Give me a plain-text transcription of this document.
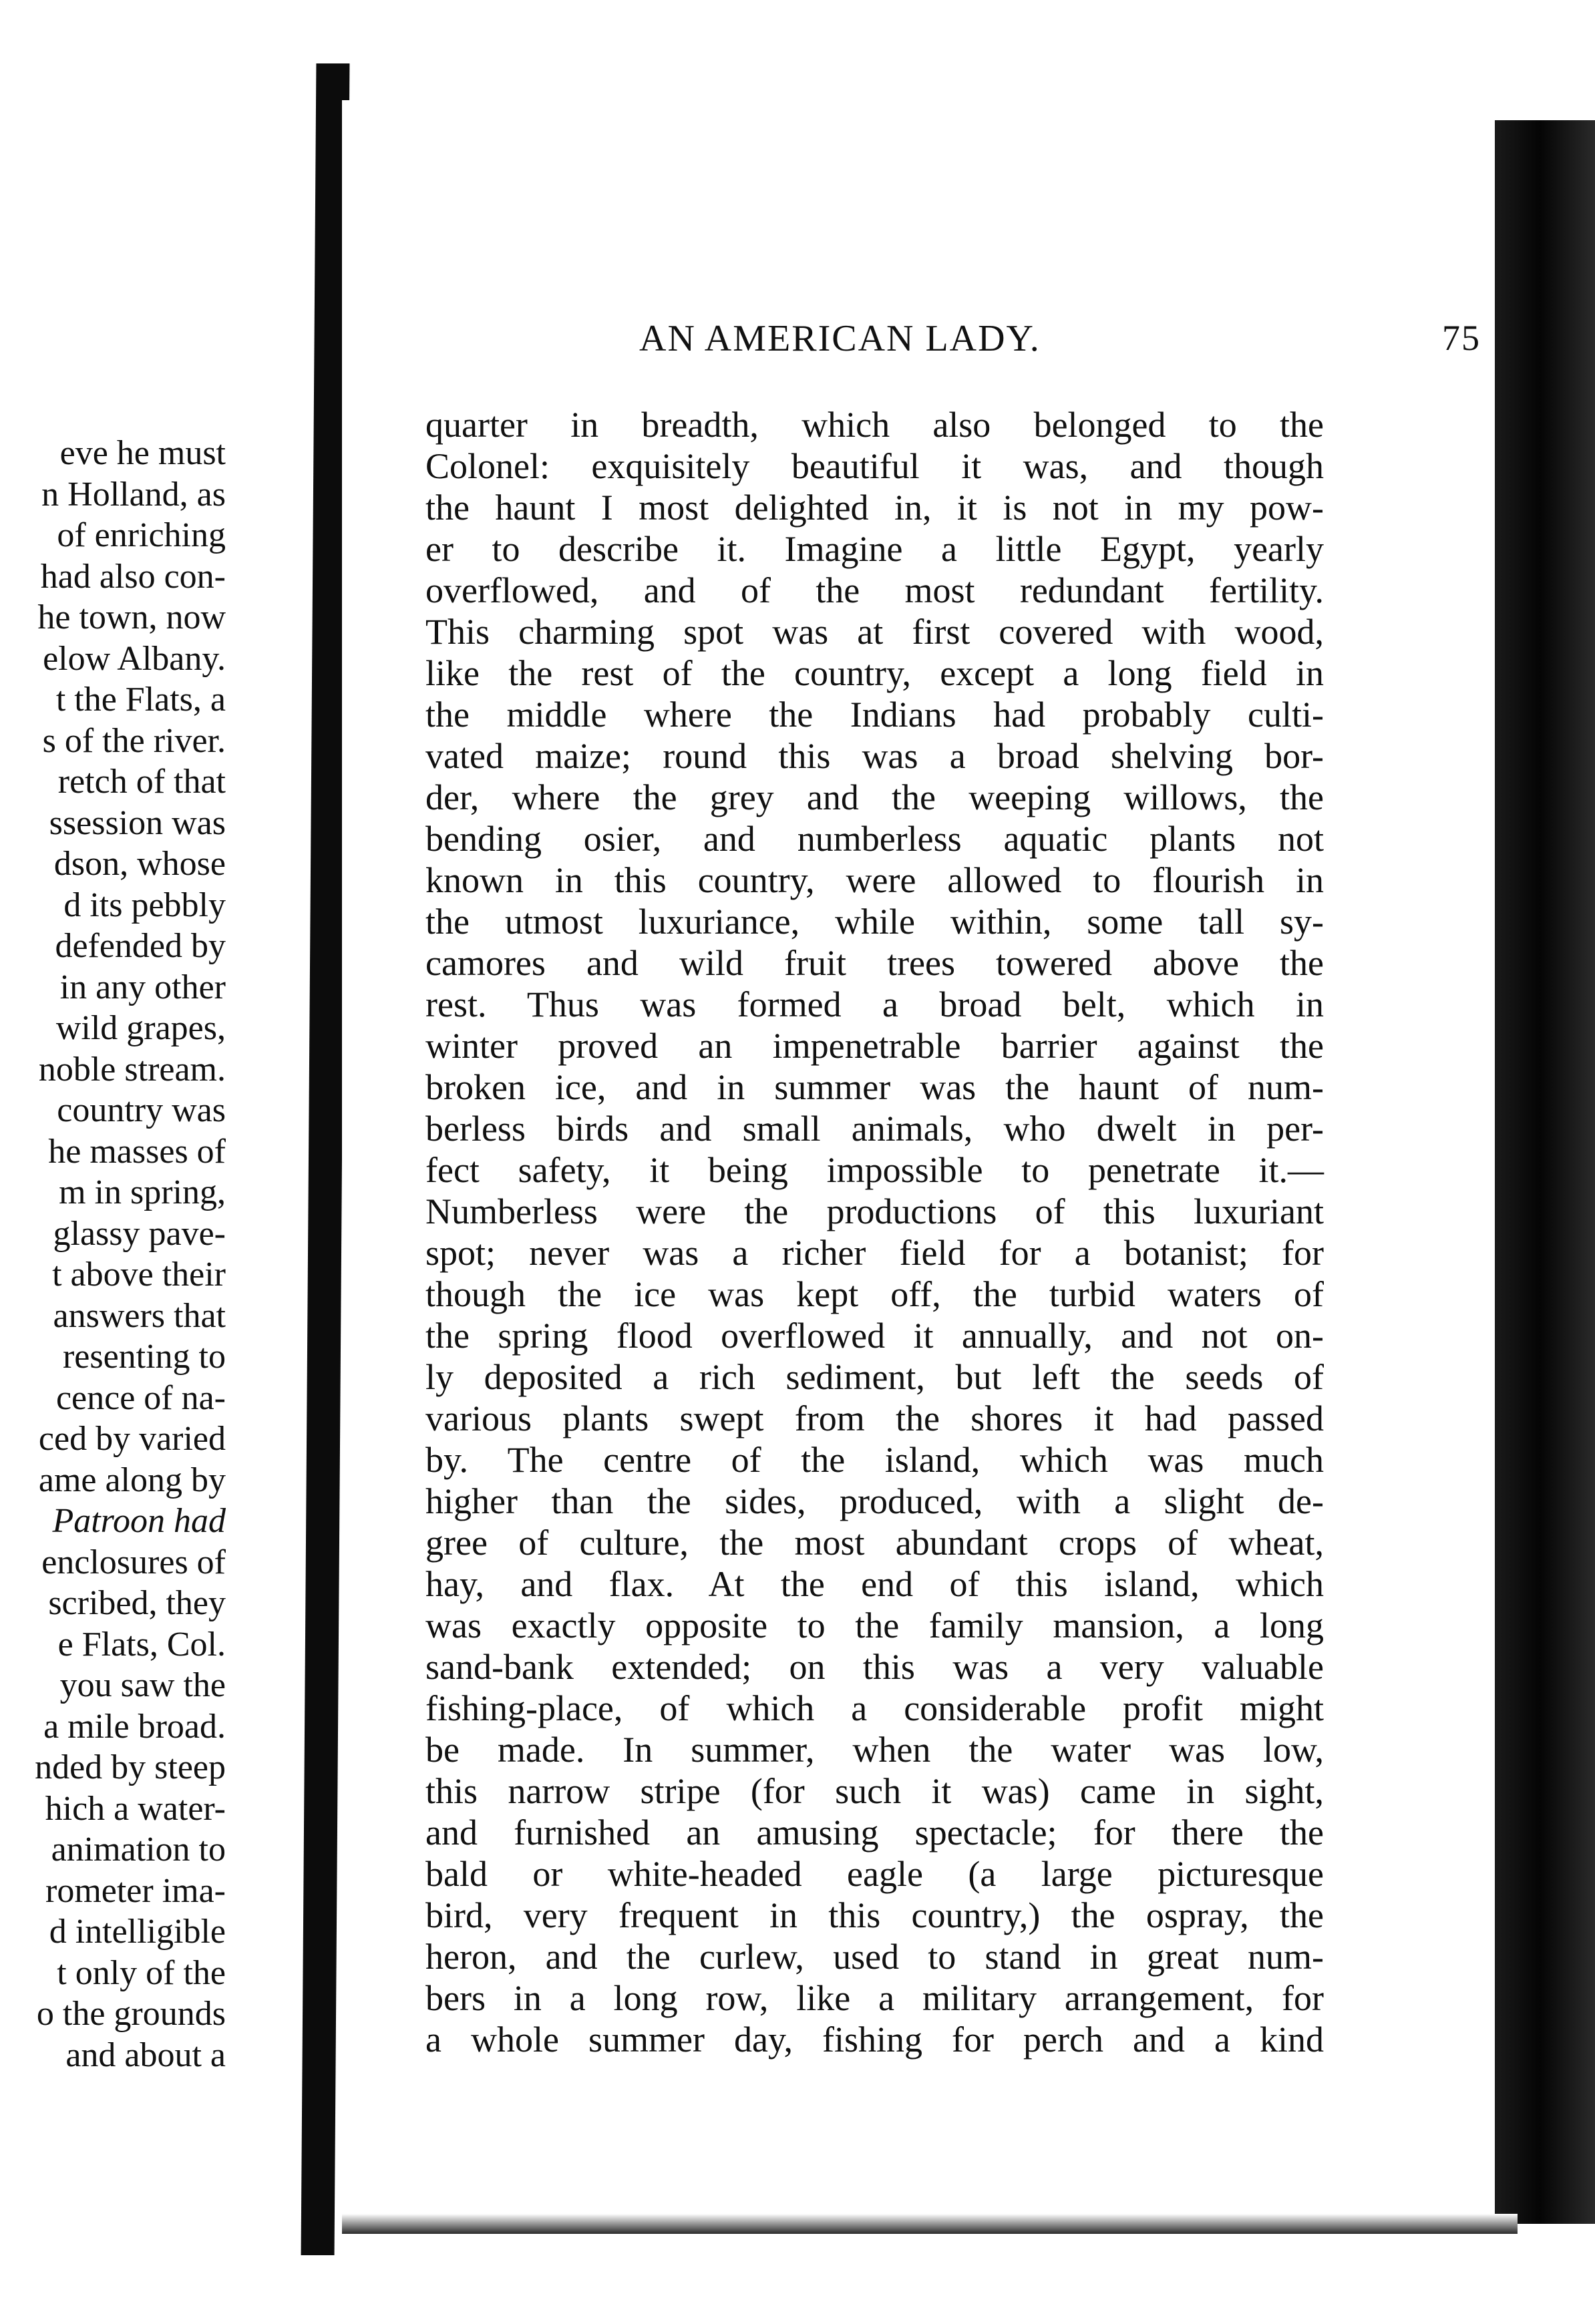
eve he must
n Holland, as
of enriching
had also con-
he town, now
elow Albany.
t the Flats, a
s of the river.
retch of that
ssession was
dson, whose
d its pebbly
defended by
in any other
wild grapes,
noble stream.
country was
he masses of
m in spring,
glassy pave-
t above their
answers that
resenting to
cence of na-
ced by varied
ame along by
Patroon had
enclosures of
scribed, they
e Flats, Col.
you saw the
a mile broad.
nded by steep
hich a water-
animation to
rometer ima-
d intelligible
t only of the
o the grounds
and about a
AN AMERICAN LADY.	75
quarter in breadth, which also belonged to the
Colonel: exquisitely beautiful it was, and though
the haunt I most delighted in, it is not in my pow-
er to describe it. Imagine a little Egypt, yearly
overflowed, and of the most redundant fertility.
This charming spot was at first covered with wood,
like the rest of the country, except a long field in
the middle where the Indians had probably culti-
vated maize; round this was a broad shelving bor-
der, where the grey and the weeping willows, the
bending osier, and numberless aquatic plants not
known in this country, were allowed to flourish in
the utmost luxuriance, while within, some tall sy-
camores and wild fruit trees towered above the
rest. Thus was formed a broad belt, which in
winter proved an impenetrable barrier against the
broken ice, and in summer was the haunt of num-
berless birds and small animals, who dwelt in per-
fect safety, it being impossible to penetrate it.—
Numberless were the productions of this luxuriant
spot; never was a richer field for a botanist; for
though the ice was kept off, the turbid waters of
the spring flood overflowed it annually, and not on-
ly deposited a rich sediment, but left the seeds of
various plants swept from the shores it had passed
by. The centre of the island, which was much
higher than the sides, produced, with a slight de-
gree of culture, the most abundant crops of wheat,
hay, and flax. At the end of this island, which
was exactly opposite to the family mansion, a long
sand-bank extended; on this was a very valuable
fishing-place, of which a considerable profit might
be made. In summer, when the water was low,
this narrow stripe (for such it was) came in sight,
and furnished an amusing spectacle; for there the
bald or white-headed eagle (a large picturesque
bird, very frequent in this country,) the ospray, the
heron, and the curlew, used to stand in great num-
bers in a long row, like a military arrangement, for
a whole summer day, fishing for perch and a kind
